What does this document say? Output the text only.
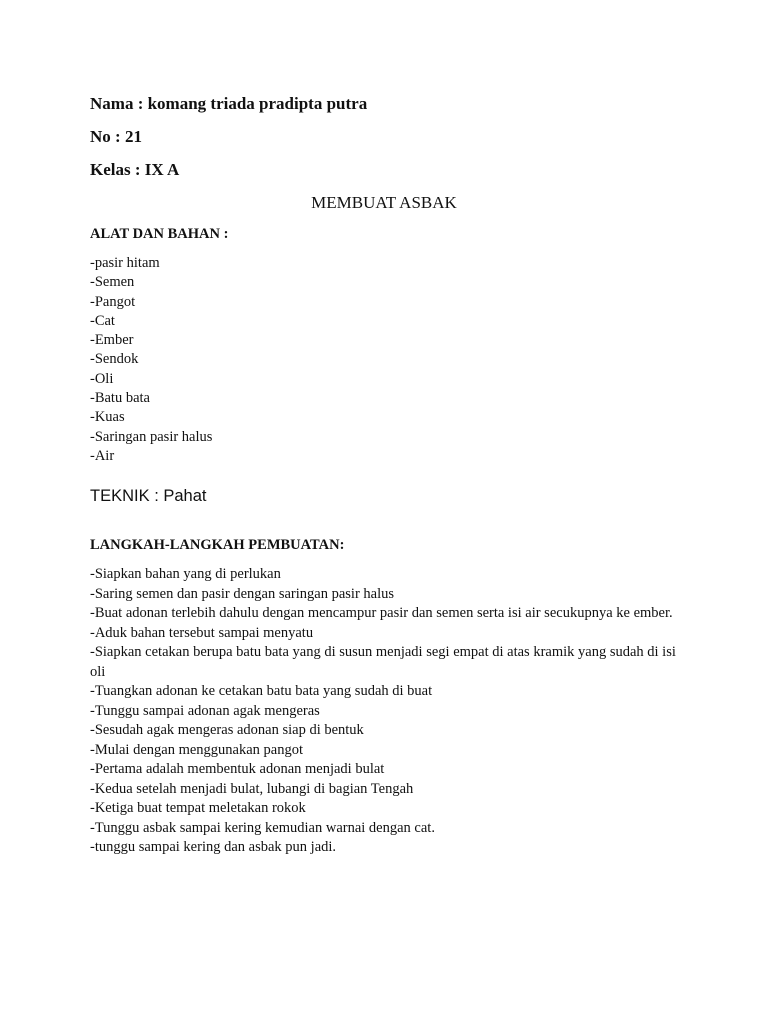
Nama : komang triada pradipta putra

No : 21

Kelas : IX A

MEMBUAT ASBAK

ALAT DAN BAHAN :

-pasir hitam
-Semen
-Pangot
-Cat
-Ember
-Sendok
-Oli
-Batu bata
-Kuas
-Saringan pasir halus
-Air

TEKNIK : Pahat

LANGKAH-LANGKAH PEMBUATAN:

-Siapkan bahan yang di perlukan
-Saring semen dan pasir dengan saringan pasir halus
-Buat adonan terlebih dahulu dengan mencampur pasir dan semen serta isi air secukupnya ke ember.
-Aduk bahan tersebut sampai menyatu
-Siapkan cetakan berupa batu bata yang di susun menjadi segi empat di atas kramik yang sudah di isi oli
-Tuangkan adonan ke cetakan batu bata yang sudah di buat
-Tunggu sampai adonan agak mengeras
-Sesudah agak mengeras adonan siap di bentuk
-Mulai dengan menggunakan pangot
-Pertama adalah membentuk adonan menjadi bulat
-Kedua setelah menjadi bulat, lubangi di bagian Tengah
-Ketiga buat tempat meletakan rokok
-Tunggu asbak sampai kering kemudian warnai dengan cat.
-tunggu sampai kering dan asbak pun jadi.
